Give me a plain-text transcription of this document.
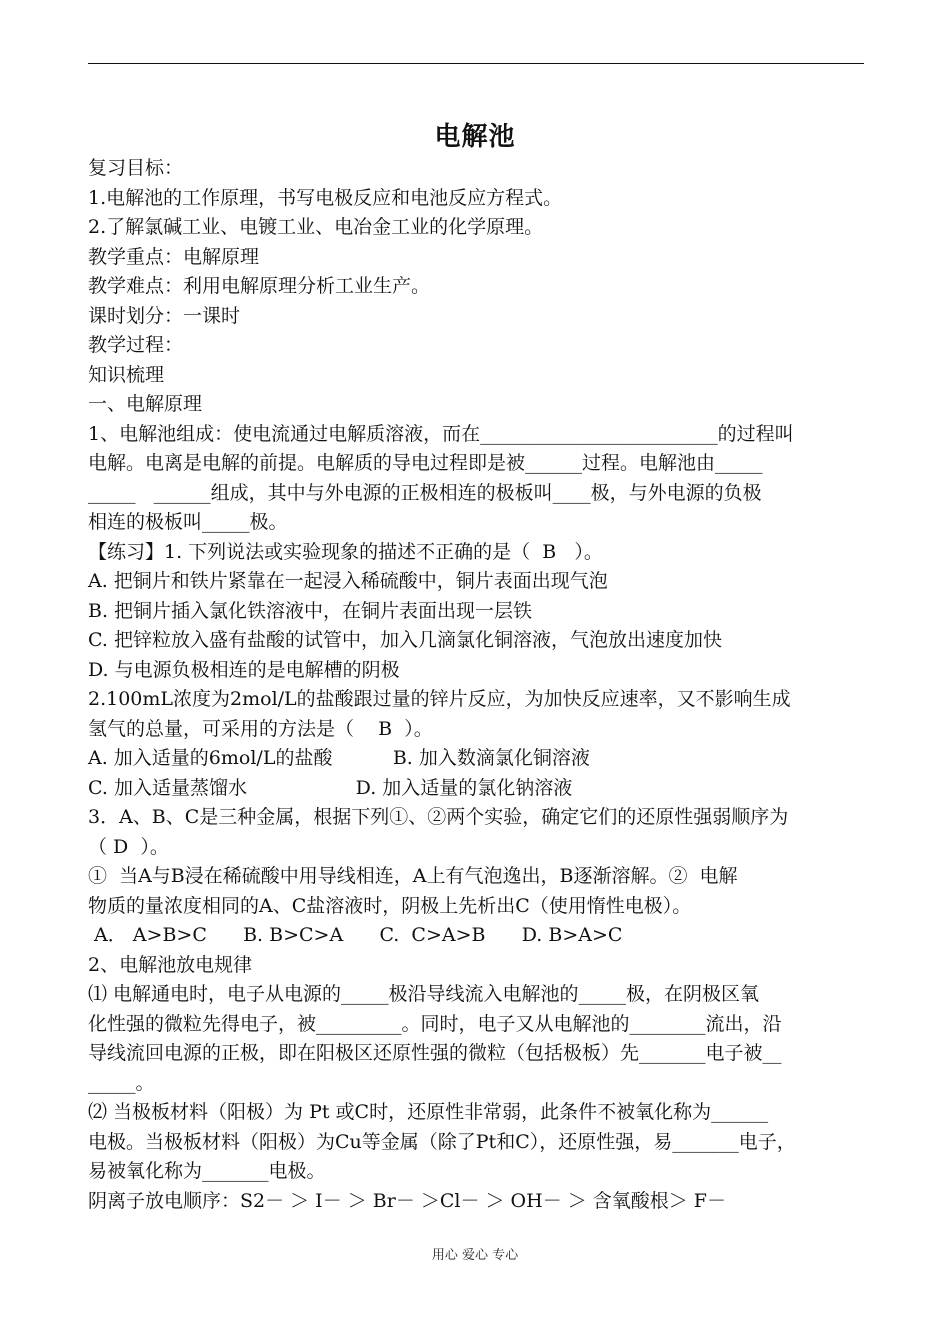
电解池
复习目标：
1.电解池的工作原理，书写电极反应和电池反应方程式。
2.了解氯碱工业、电镀工业、电冶金工业的化学原理。
教学重点：电解原理
教学难点：利用电解原理分析工业生产。
课时划分：一课时
教学过程：
知识梳理
一、电解原理
1、电解池组成：使电流通过电解质溶液，而在_________________________的过程叫
电解。电离是电解的前提。电解质的导电过程即是被______过程。电解池由_____
_____   ______组成，其中与外电源的正极相连的极板叫____极，与外电源的负极
相连的极板叫_____极。
【练习】1. 下列说法或实验现象的描述不正确的是（  B   ）。
A. 把铜片和铁片紧靠在一起浸入稀硫酸中，铜片表面出现气泡
B. 把铜片插入氯化铁溶液中，在铜片表面出现一层铁
C. 把锌粒放入盛有盐酸的试管中，加入几滴氯化铜溶液，气泡放出速度加快
D. 与电源负极相连的是电解槽的阴极
2.100mL浓度为2mol/L的盐酸跟过量的锌片反应，为加快反应速率，又不影响生成
氢气的总量，可采用的方法是（    B  ）。
A. 加入适量的6mol/L的盐酸          B. 加入数滴氯化铜溶液
C. 加入适量蒸馏水                  D. 加入适量的氯化钠溶液
3．A、B、C是三种金属，根据下列①、②两个实验，确定它们的还原性强弱顺序为
（ D  ）。
①  当A与B浸在稀硫酸中用导线相连，A上有气泡逸出，B逐渐溶解。②  电解
物质的量浓度相同的A、C盐溶液时，阴极上先析出C（使用惰性电极）。
A． A>B>C      B. B>C>A      C.  C>A>B      D. B>A>C
2、电解池放电规律
⑴ 电解通电时，电子从电源的_____极沿导线流入电解池的_____极，在阴极区氧
化性强的微粒先得电子，被_________。同时，电子又从电解池的________流出，沿
导线流回电源的正极，即在阳极区还原性强的微粒（包括极板）先_______电子被__
_____。
⑵ 当极板材料（阳极）为 Pt 或C时，还原性非常弱，此条件不被氧化称为______
电极。当极板材料（阳极）为Cu等金属（除了Pt和C），还原性强，易_______电子，
易被氧化称为_______电极。
阴离子放电顺序：S2－ ＞ I－ ＞ Br－ ＞Cl－ ＞ OH－ ＞ 含氧酸根＞ F－
用心 爱心 专心
